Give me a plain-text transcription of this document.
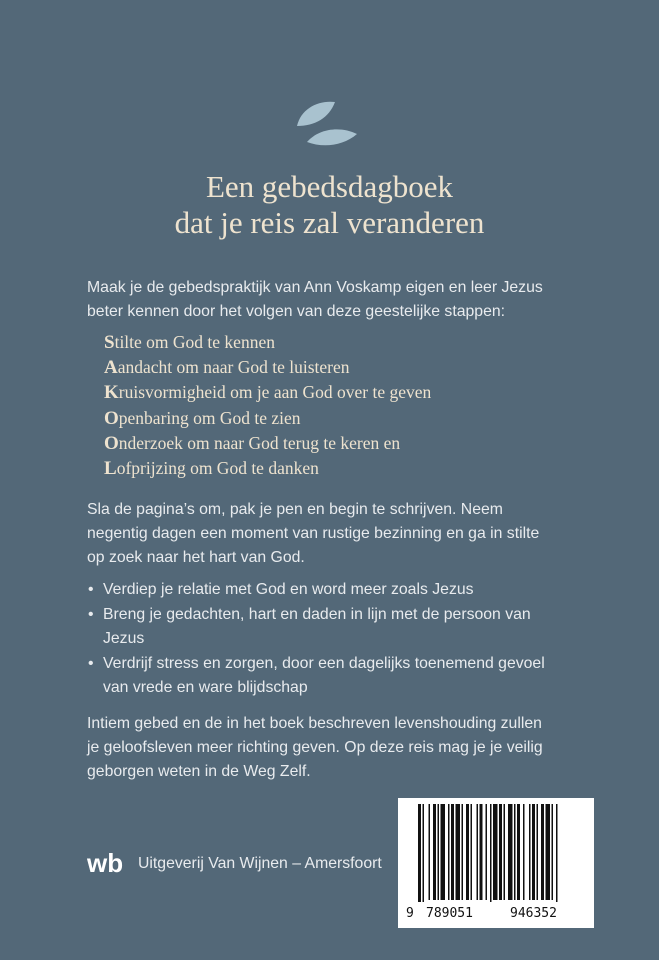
Een gebedsdagboek
dat je reis zal veranderen
Maak je de gebedspraktijk van Ann Voskamp eigen en leer Jezus
beter kennen door het volgen van deze geestelijke stappen:
Stilte om God te kennen
Aandacht om naar God te luisteren
Kruisvormigheid om je aan God over te geven
Openbaring om God te zien
Onderzoek om naar God terug te keren en
Lofprijzing om God te danken
Sla de pagina’s om, pak je pen en begin te schrijven. Neem
negentig dagen een moment van rustige bezinning en ga in stilte
op zoek naar het hart van God.
• Verdiep je relatie met God en word meer zoals Jezus
• Breng je gedachten, hart en daden in lijn met de persoon van
Jezus
• Verdrijf stress en zorgen, door een dagelijks toenemend gevoel
van vrede en ware blijdschap
Intiem gebed en de in het boek beschreven levenshouding zullen
je geloofsleven meer richting geven. Op deze reis mag je je veilig
geborgen weten in de Weg Zelf.
wb Uitgeverij Van Wijnen – Amersfoort
9 789051	946352
